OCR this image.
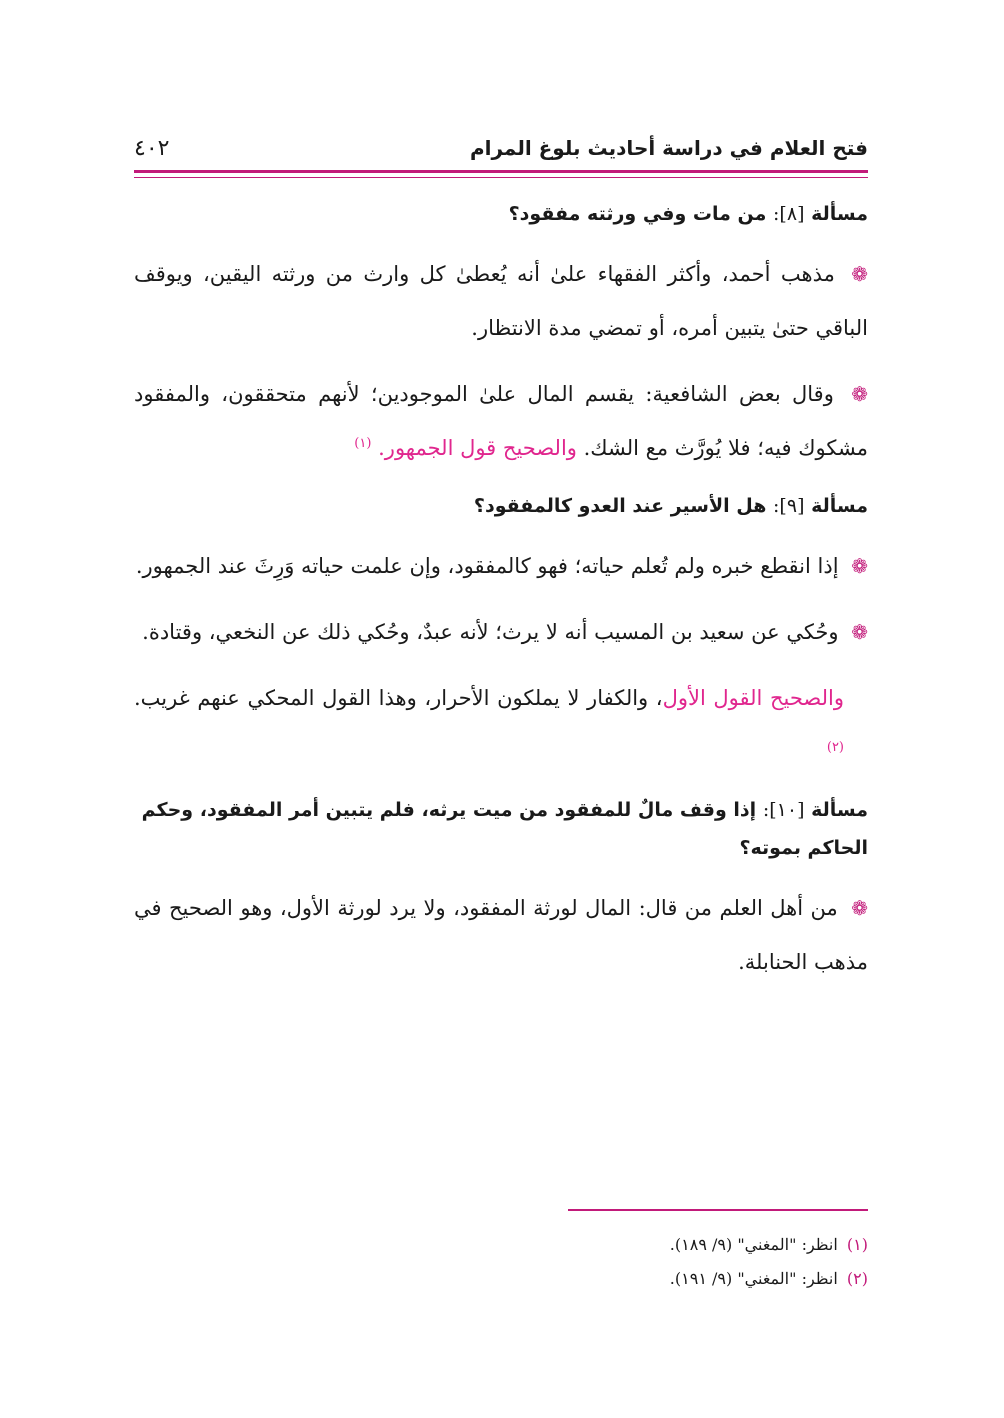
فتح العلام في دراسة أحاديث بلوغ المرام
٤٠٢
مسألة [٨]: من مات وفي ورثته مفقود؟

❁ مذهب أحمد، وأكثر الفقهاء علىٰ أنه يُعطىٰ كل وارث من ورثته اليقين، ويوقف الباقي حتىٰ يتبين أمره، أو تمضي مدة الانتظار.

❁ وقال بعض الشافعية: يقسم المال علىٰ الموجودين؛ لأنهم متحققون، والمفقود مشكوك فيه؛ فلا يُورَّث مع الشك. والصحيح قول الجمهور. $^{(١)}$

مسألة [٩]: هل الأسير عند العدو كالمفقود؟

❁ إذا انقطع خبره ولم تُعلم حياته؛ فهو كالمفقود، وإن علمت حياته وَرِثَ عند الجمهور.

❁ وحُكي عن سعيد بن المسيب أنه لا يرث؛ لأنه عبدٌ، وحُكي ذلك عن النخعي، وقتادة.

والصحيح القول الأول، والكفار لا يملكون الأحرار، وهذا القول المحكي عنهم غريب. $^{(٢)}$

مسألة [١٠]: إذا وقف مالٌ للمفقود من ميت يرثه، فلم يتبين أمر المفقود، وحكم الحاكم بموته؟

❁ من أهل العلم من قال: المال لورثة المفقود، ولا يرد لورثة الأول، وهو الصحيح في مذهب الحنابلة.

(١) انظر: "المغني" (٩/ ١٨٩).
(٢) انظر: "المغني" (٩/ ١٩١).
